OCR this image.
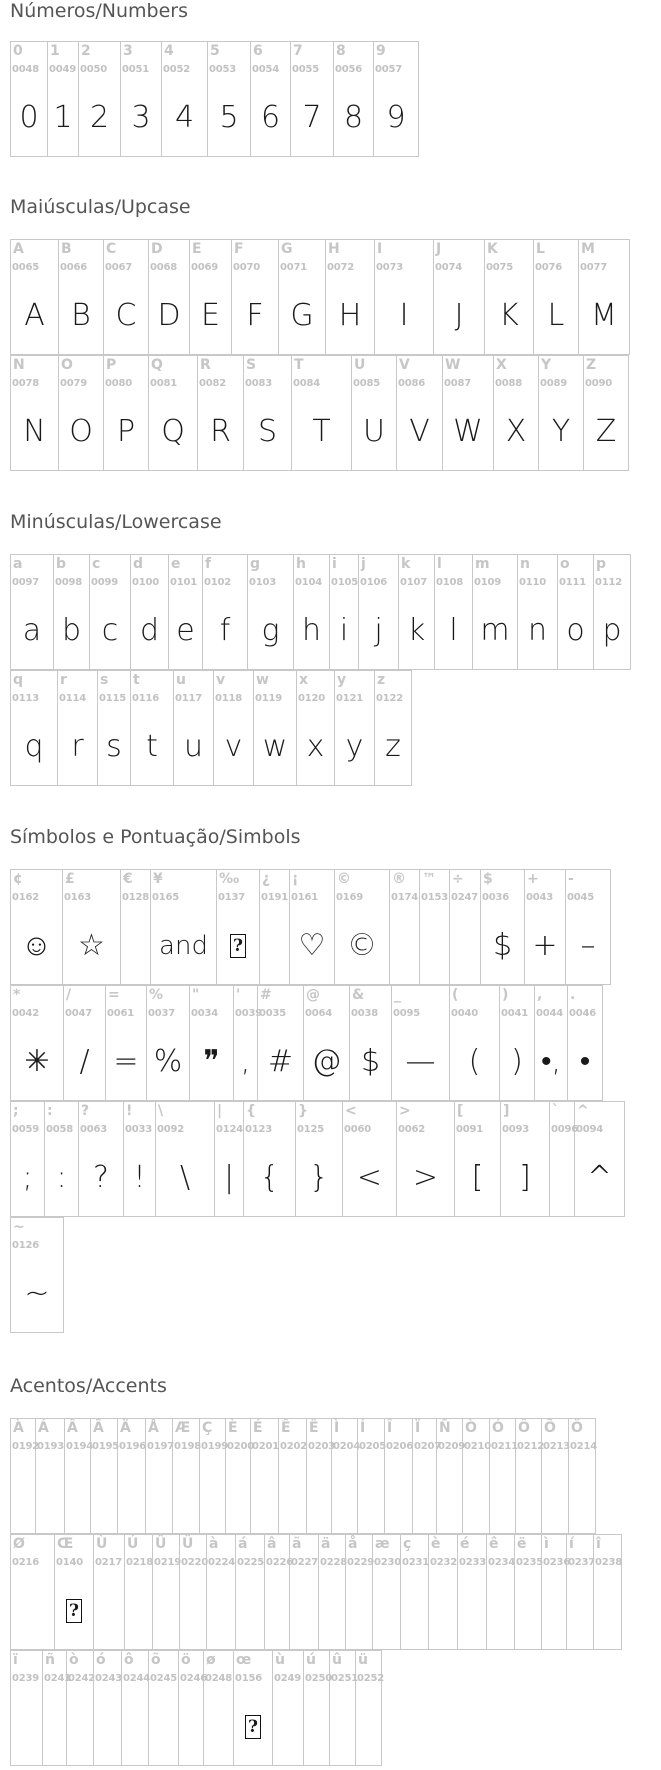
Números/Numbers
Maiúsculas/Upcase
Minúsculas/Lowercase
Símbolos e Pontuação/Simbols
Acentos/Accents
0
0048
0
1
0049
1
2
0050
2
3
0051
3
4
0052
4
5
0053
5
6
0054
6
7
0055
7
8
0056
8
9
0057
9
A
0065
A
B
0066
B
C
0067
C
D
0068
D
E
0069
E
F
0070
F
G
0071
G
H
0072
H
I
0073
I
J
0074
J
K
0075
K
L
0076
L
M
0077
M
N
0078
N
O
0079
O
P
0080
P
Q
0081
Q
R
0082
R
S
0083
S
T
0084
T
U
0085
U
V
0086
V
W
0087
W
X
0088
X
Y
0089
Y
Z
0090
Z
a
0097
a
b
0098
b
c
0099
c
d
0100
d
e
0101
e
f
0102
f
g
0103
g
h
0104
h
i
0105
i
j
0106
j
k
0107
k
l
0108
l
m
0109
m
n
0110
n
o
0111
o
p
0112
p
q
0113
q
r
0114
r
s
0115
s
t
0116
t
u
0117
u
v
0118
v
w
0119
w
x
0120
x
y
0121
y
z
0122
z
¢
0162
☺
£
0163
☆
€
0128
¥
0165
and
‰
0137
?
¿
0191
¡
0161
♡
©
0169
©
®
0174
™
0153
÷
0247
$
0036
$
+
0043
+
-
0045
–
*
0042
✳
/
0047
/
=
0061
=
%
0037
%
"
0034
❞
'
0039
,
#
0035
#
@
0064
@
&
0038
$
_
0095
—
(
0040
(
)
0041
)
,
0044
•,
.
0046
•
;
0059
;
:
0058
:
?
0063
?
!
0033
!
\
0092
\
|
0124
|
{
0123
{
}
0125
}
<
0060
<
>
0062
>
[
0091
[
]
0093
]
`
0096
^
0094
^
~
0126
~
À
0192
Á
0193
Â
0194
Ã
0195
Ä
0196
Å
0197
Æ
0198
Ç
0199
È
0200
É
0201
Ê
0202
Ë
0203
Ì
0204
Í
0205
Î
0206
Ï
0207
Ñ
0209
Ò
0210
Ó
0211
Ô
0212
Õ
0213
Ö
0214
Ø
0216
Œ
0140
?
Ù
0217
Ú
0218
Û
0219
Ü
0220
à
0224
á
0225
â
0226
ã
0227
ä
0228
å
0229
æ
0230
ç
0231
è
0232
é
0233
ê
0234
ë
0235
ì
0236
í
0237
î
0238
ï
0239
ñ
0241
ò
0242
ó
0243
ô
0244
õ
0245
ö
0246
ø
0248
œ
0156
?
ù
0249
ú
0250
û
0251
ü
0252
